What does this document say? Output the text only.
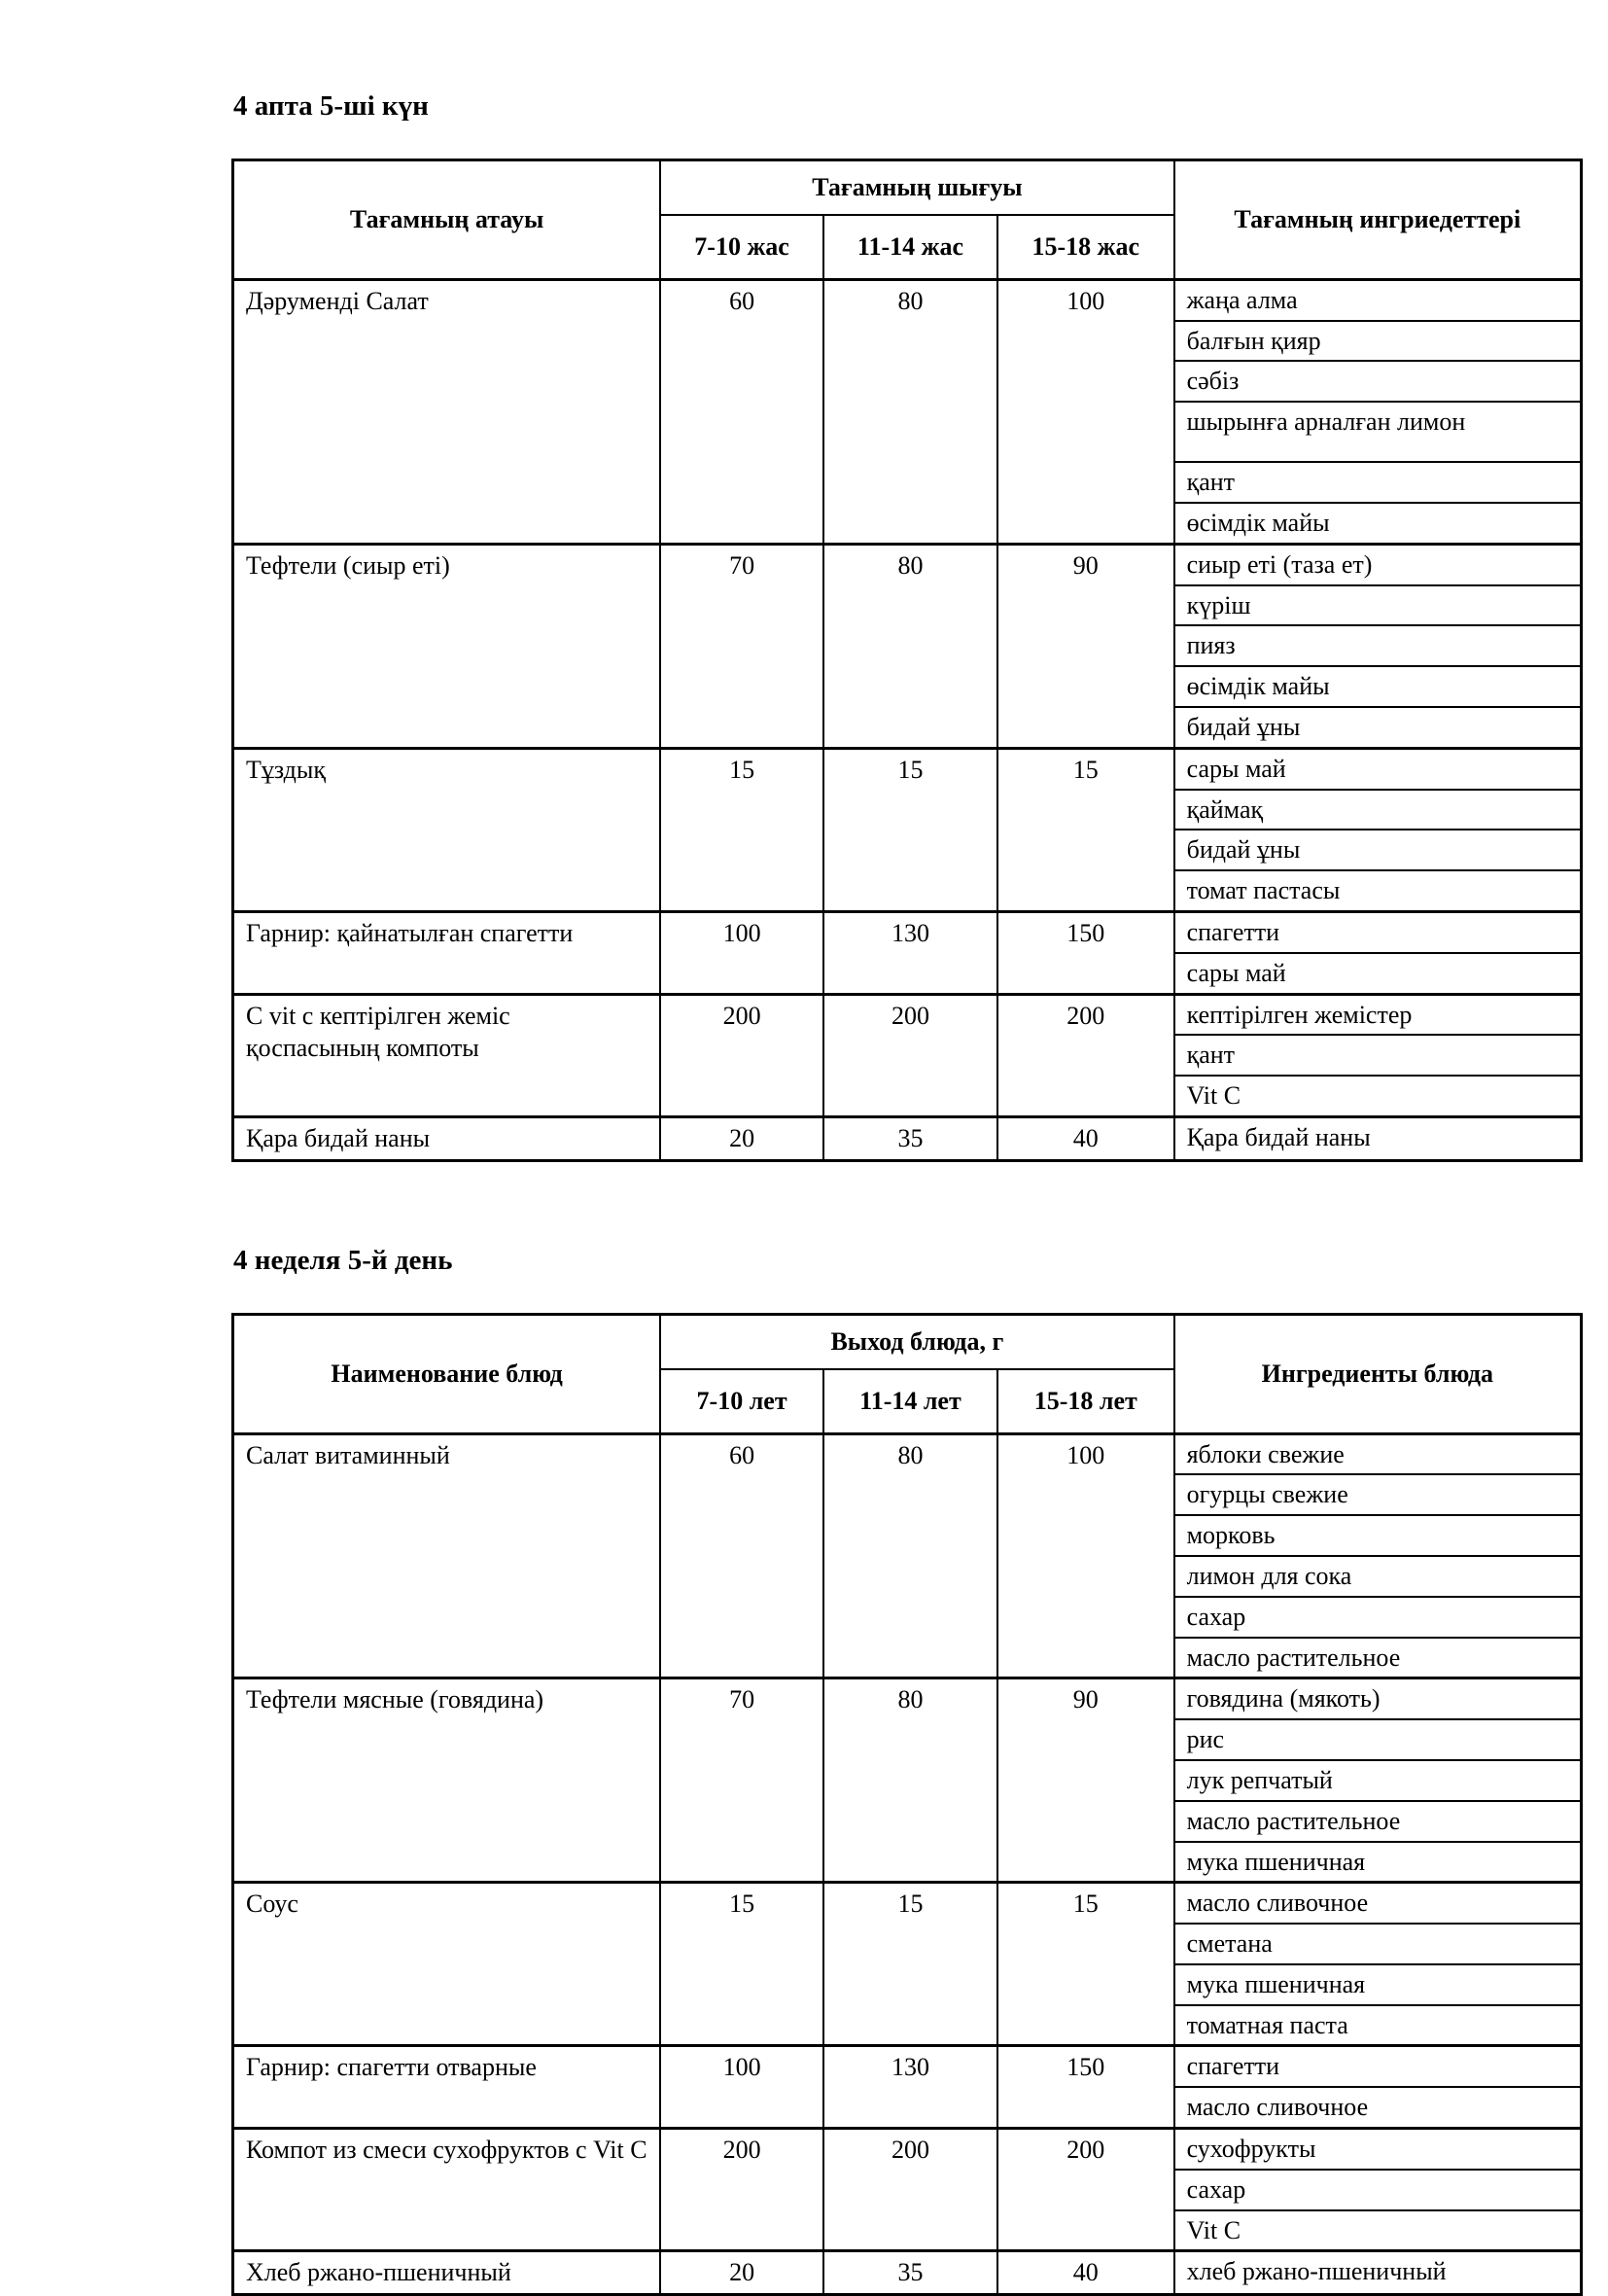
4 апта 5-ші күн
Тағамның атауы	Тағамның шығуы			Тағамның ингриедеттері
	7-10 жас	11-14 жас	15-18 жас	
Дәруменді Салат	60	80	100	жаңа алма
				балғын қияр
				сәбіз
				шырынға арналған лимон
				қант
				өсімдік майы
Тефтели (сиыр еті)	70	80	90	сиыр еті (таза ет)
				күріш
				пияз
				өсімдік майы
				бидай ұны
Тұздық	15	15	15	сары май
				қаймақ
				бидай ұны
				томат пастасы
Гарнир: қайнатылған спагетти	100	130	150	спагетти
				сары май
С vit с кептірілген жеміс қоспасының компоты	200	200	200	кептірілген жемістер
				қант
				Vit C
Қара бидай наны	20	35	40	Қара бидай наны
4 неделя 5-й день
Наименование блюд	Выход блюда, г			Ингредиенты блюда
	7-10 лет	11-14 лет	15-18 лет	
Салат витаминный	60	80	100	яблоки свежие
				огурцы свежие
				морковь
				лимон для сока
				сахар
				масло растительное
Тефтели мясные (говядина)	70	80	90	говядина (мякоть)
				рис
				лук репчатый
				масло растительное
				мука пшеничная
Соус	15	15	15	масло сливочное
				сметана
				мука пшеничная
				томатная паста
Гарнир: спагетти отварные	100	130	150	спагетти
				масло сливочное
Компот из смеси сухофруктов с Vit C	200	200	200	сухофрукты
				сахар
				Vit C
Хлеб ржано-пшеничный	20	35	40	хлеб ржано-пшеничный
